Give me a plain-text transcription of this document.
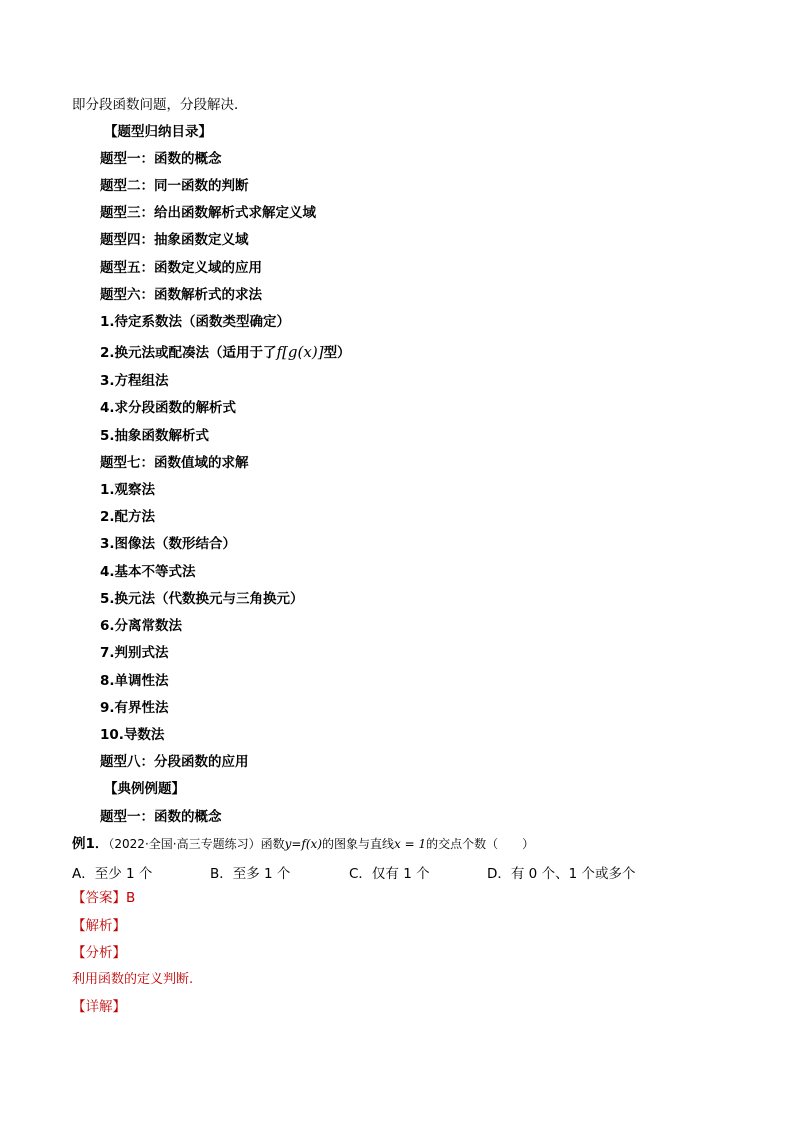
即分段函数问题，分段解决．
【题型归纳目录】
题型一：函数的概念
题型二：同一函数的判断
题型三：给出函数解析式求解定义域
题型四：抽象函数定义域
题型五：函数定义域的应用
题型六：函数解析式的求法
1.待定系数法（函数类型确定）
2.换元法或配凑法（适用于了f[g(x)]型）
3.方程组法
4.求分段函数的解析式
5.抽象函数解析式
题型七：函数值域的求解
1.观察法
2.配方法
3.图像法（数形结合）
4.基本不等式法
5.换元法（代数换元与三角换元）
6.分离常数法
7.判别式法
8.单调性法
9.有界性法
10.导数法
题型八：分段函数的应用
【典例例题】
题型一：函数的概念
例1．（2022·全国·高三专题练习）函数y=f(x)的图象与直线x = 1的交点个数（　　）
A．至少 1 个	B．至多 1 个	C．仅有 1 个	D．有 0 个、1 个或多个
【答案】B
【解析】
【分析】
利用函数的定义判断.
【详解】
